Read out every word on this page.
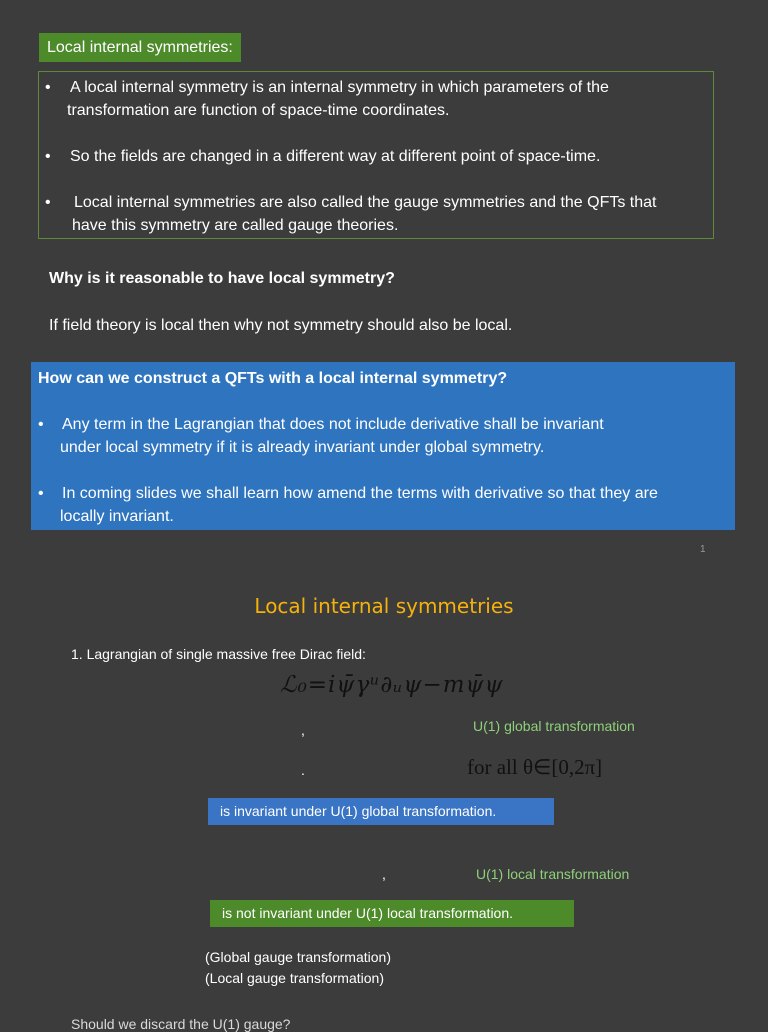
Local internal symmetries:
• A local internal symmetry is an internal symmetry in which parameters of the
transformation are function of space-time coordinates.
• So the fields are changed in a different way at different point of space-time.
• Local internal symmetries are also called the gauge symmetries and the QFTs that
have this symmetry are called gauge theories.
Why is it reasonable to have local symmetry?
If field theory is local then why not symmetry should also be local.
How can we construct a QFTs with a local internal symmetry?
• Any term in the Lagrangian that does not include derivative shall be invariant
under local symmetry if it is already invariant under global symmetry.
• In coming slides we shall learn how amend the terms with derivative so that they are
locally invariant.
1
Local internal symmetries
1. Lagrangian of single massive free Dirac field:
ℒ₀=iψ̄γᵘ∂ᵤψ−mψ̄ψ
,	U(1) global transformation
.	for all θ∈[0,2π]
is invariant under U(1) global transformation.
,	U(1) local transformation
is not invariant under U(1) local transformation.
(Global gauge transformation)
(Local gauge transformation)
Should we discard the U(1) gauge?
